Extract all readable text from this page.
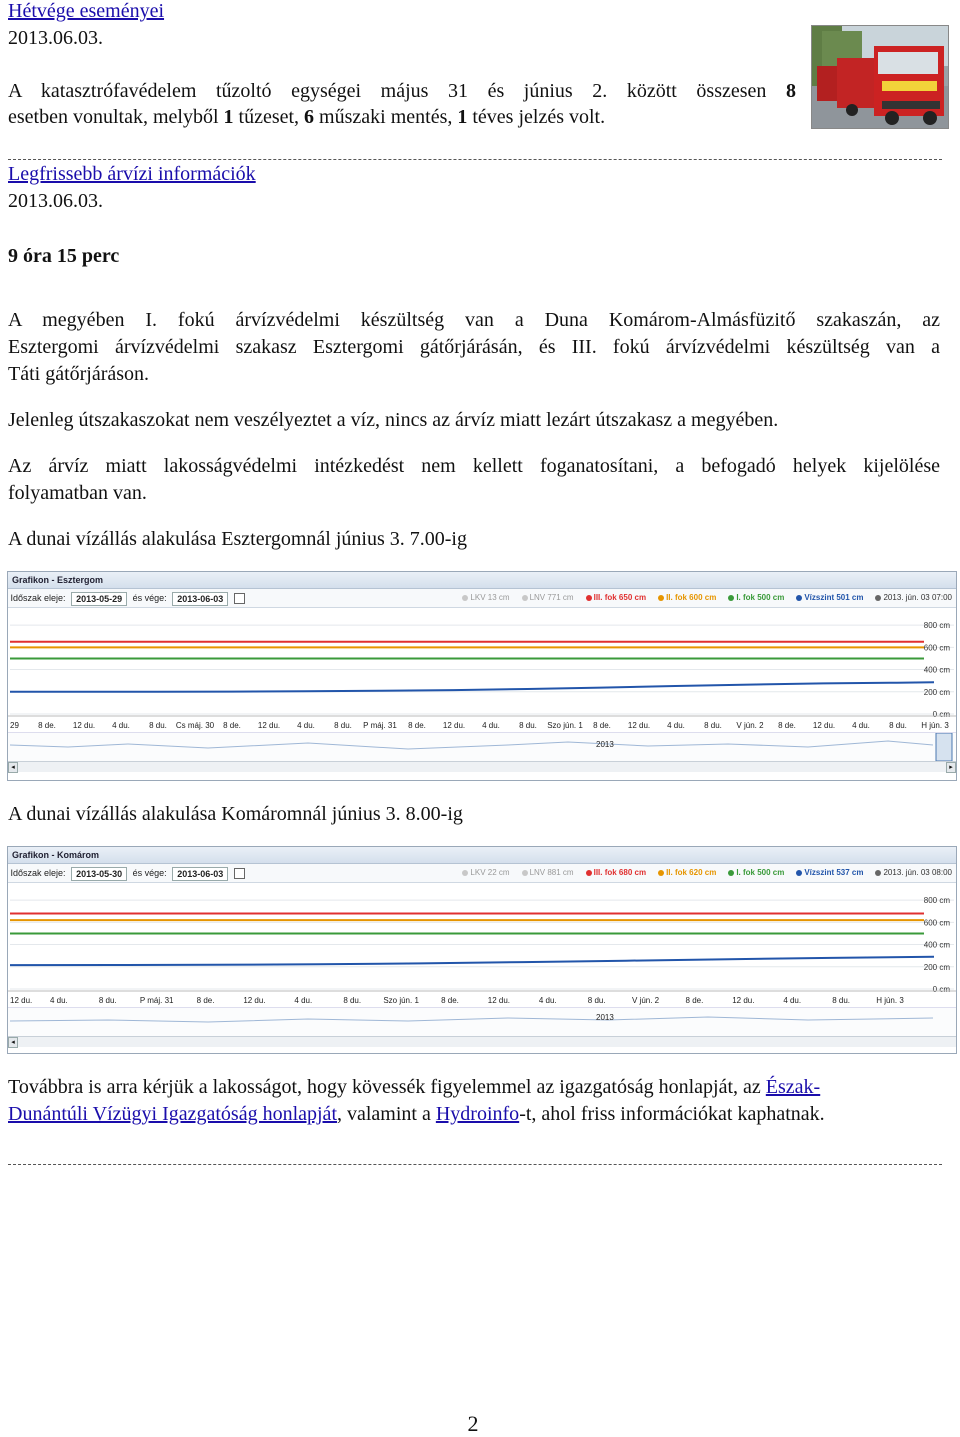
Hétvége eseményei
2013.06.03.
A katasztrófavédelem tűzoltó egységei május 31 és június 2. között összesen 8
esetben vonultak, melyből 1 tűzeset, 6 műszaki mentés, 1 téves jelzés volt.
Legfrissebb árvízi információk
2013.06.03.
9 óra 15 perc
A megyében I. fokú árvízvédelmi készültség van a Duna Komárom-Almásfüzitő szakaszán, az
Esztergomi árvízvédelmi szakasz Esztergomi gátőrjárásán, és III. fokú árvízvédelmi készültség van a
Táti gátőrjáráson.
Jelenleg útszakaszokat nem veszélyeztet a víz, nincs az árvíz miatt lezárt útszakasz a megyében.
Az árvíz miatt lakosságvédelmi intézkedést nem kellett foganatosítani, a befogadó helyek kijelölése
folyamatban van.
A dunai vízállás alakulása Esztergomnál június 3. 7.00-ig
Grafikon - Esztergom
Időszak eleje: 2013-05-29 és vége: 2013-06-03	LKV 13 cm	LNV 771 cm	III. fok 650 cm	II. fok 600 cm	I. fok 500 cm	Vízszint 501 cm	2013. jún. 03 07:00
800 cm
600 cm
400 cm
200 cm
0 cm
29 8 de. 12 du. 4 du. 8 du. Cs máj. 30 8 de. 12 du. 4 du. 8 du. P máj. 31 8 de. 12 du. 4 du. 8 du. Szo jún. 1 8 de. 12 du. 4 du. 8 du. V jún. 2 8 de. 12 du. 4 du. 8 du. H jún. 3
2013
◂	▸
A dunai vízállás alakulása Komáromnál június 3. 8.00-ig
Grafikon - Komárom
Időszak eleje: 2013-05-30 és vége: 2013-06-03	LKV 22 cm	LNV 881 cm	III. fok 680 cm	II. fok 620 cm	I. fok 500 cm	Vízszint 537 cm	2013. jún. 03 08:00
800 cm
600 cm
400 cm
200 cm
0 cm
12 du. 4 du.	8 du.	P máj. 31	8 de.	12 du.	4 du.	8 du.	Szo jún. 1	8 de.	12 du.	4 du.	8 du.	V jún. 2	8 de.	12 du.	4 du.	8 du.	H jún. 3
2013
◂
Továbbra is arra kérjük a lakosságot, hogy kövessék figyelemmel az igazgatóság honlapját, az Észak-
Dunántúli Vízügyi Igazgatóság honlapját, valamint a Hydroinfo-t, ahol friss információkat kaphatnak.
2
